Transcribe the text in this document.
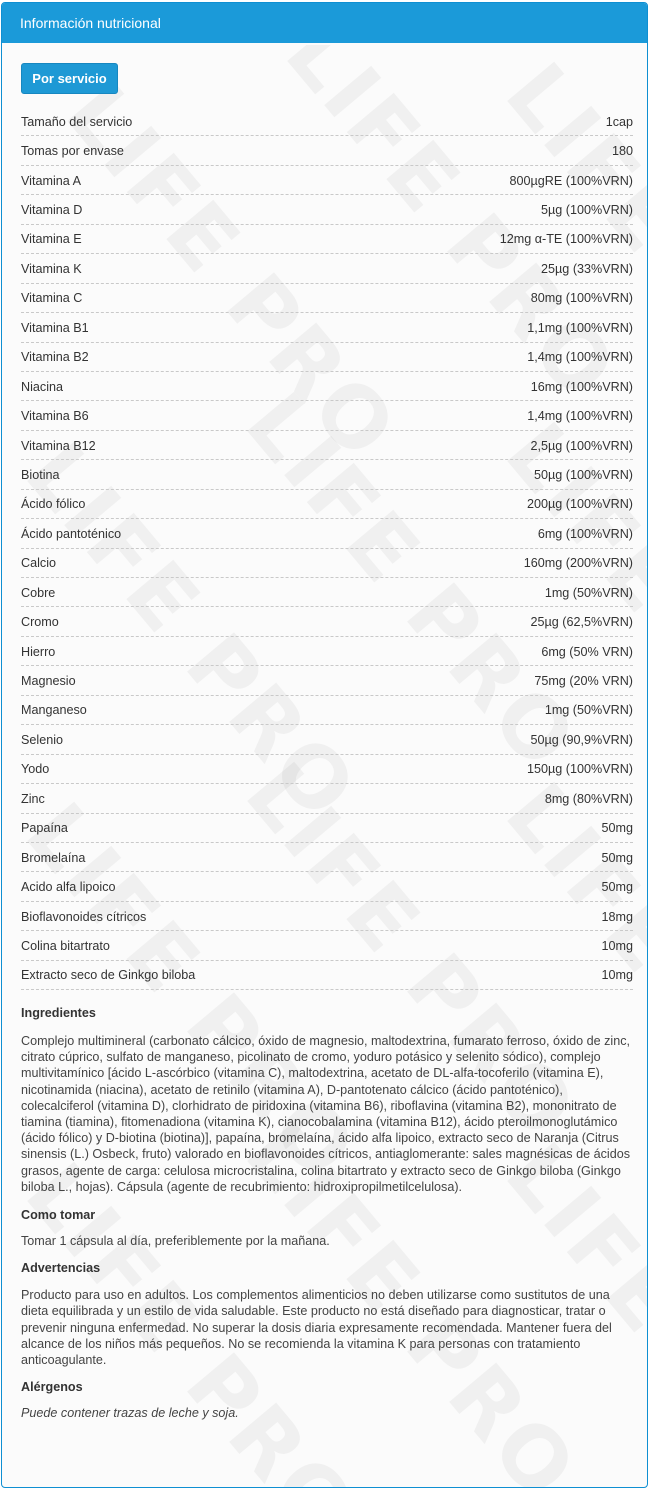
Información nutricional
Por servicio
Tamaño del servicio	1cap
Tomas por envase	180
Vitamina A	800µgRE (100%VRN)
Vitamina D	5µg (100%VRN)
Vitamina E	12mg α-TE (100%VRN)
Vitamina K	25µg (33%VRN)
Vitamina C	80mg (100%VRN)
Vitamina B1	1,1mg (100%VRN)
Vitamina B2	1,4mg (100%VRN)
Niacina	16mg (100%VRN)
Vitamina B6	1,4mg (100%VRN)
Vitamina B12	2,5µg (100%VRN)
Biotina	50µg (100%VRN)
Ácido fólico	200µg (100%VRN)
Ácido pantoténico	6mg (100%VRN)
Calcio	160mg (200%VRN)
Cobre	1mg (50%VRN)
Cromo	25µg (62,5%VRN)
Hierro	6mg (50% VRN)
Magnesio	75mg (20% VRN)
Manganeso	1mg (50%VRN)
Selenio	50µg (90,9%VRN)
Yodo	150µg (100%VRN)
Zinc	8mg (80%VRN)
Papaína	50mg
Bromelaína	50mg
Acido alfa lipoico	50mg
Bioflavonoides cítricos	18mg
Colina bitartrato	10mg
Extracto seco de Ginkgo biloba	10mg
Ingredientes

Complejo multimineral (carbonato cálcico, óxido de magnesio, maltodextrina, fumarato ferroso, óxido de zinc, citrato cúprico, sulfato de manganeso, picolinato de cromo, yoduro potásico y selenito sódico), complejo multivitamínico [ácido L-ascórbico (vitamina C), maltodextrina, acetato de DL-alfa-tocoferilo (vitamina E), nicotinamida (niacina), acetato de retinilo (vitamina A), D-pantotenato cálcico (ácido pantoténico), colecalciferol (vitamina D), clorhidrato de piridoxina (vitamina B6), riboflavina (vitamina B2), mononitrato de tiamina (tiamina), fitomenadiona (vitamina K), cianocobalamina (vitamina B12), ácido pteroilmonoglutámico (ácido fólico) y D-biotina (biotina)], papaína, bromelaína, ácido alfa lipoico, extracto seco de Naranja (Citrus sinensis (L.) Osbeck, fruto) valorado en bioflavonoides cítricos, antiaglomerante: sales magnésicas de ácidos grasos, agente de carga: celulosa microcristalina, colina bitartrato y extracto seco de Ginkgo biloba (Ginkgo biloba L., hojas). Cápsula (agente de recubrimiento: hidroxipropilmetilcelulosa).

Como tomar

Tomar 1 cápsula al día, preferiblemente por la mañana.

Advertencias

Producto para uso en adultos. Los complementos alimenticios no deben utilizarse como sustitutos de una dieta equilibrada y un estilo de vida saludable. Este producto no está diseñado para diagnosticar, tratar o prevenir ninguna enfermedad. No superar la dosis diaria expresamente recomendada. Mantener fuera del alcance de los niños más pequeños. No se recomienda la vitamina K para personas con tratamiento anticoagulante.

Alérgenos

Puede contener trazas de leche y soja.
